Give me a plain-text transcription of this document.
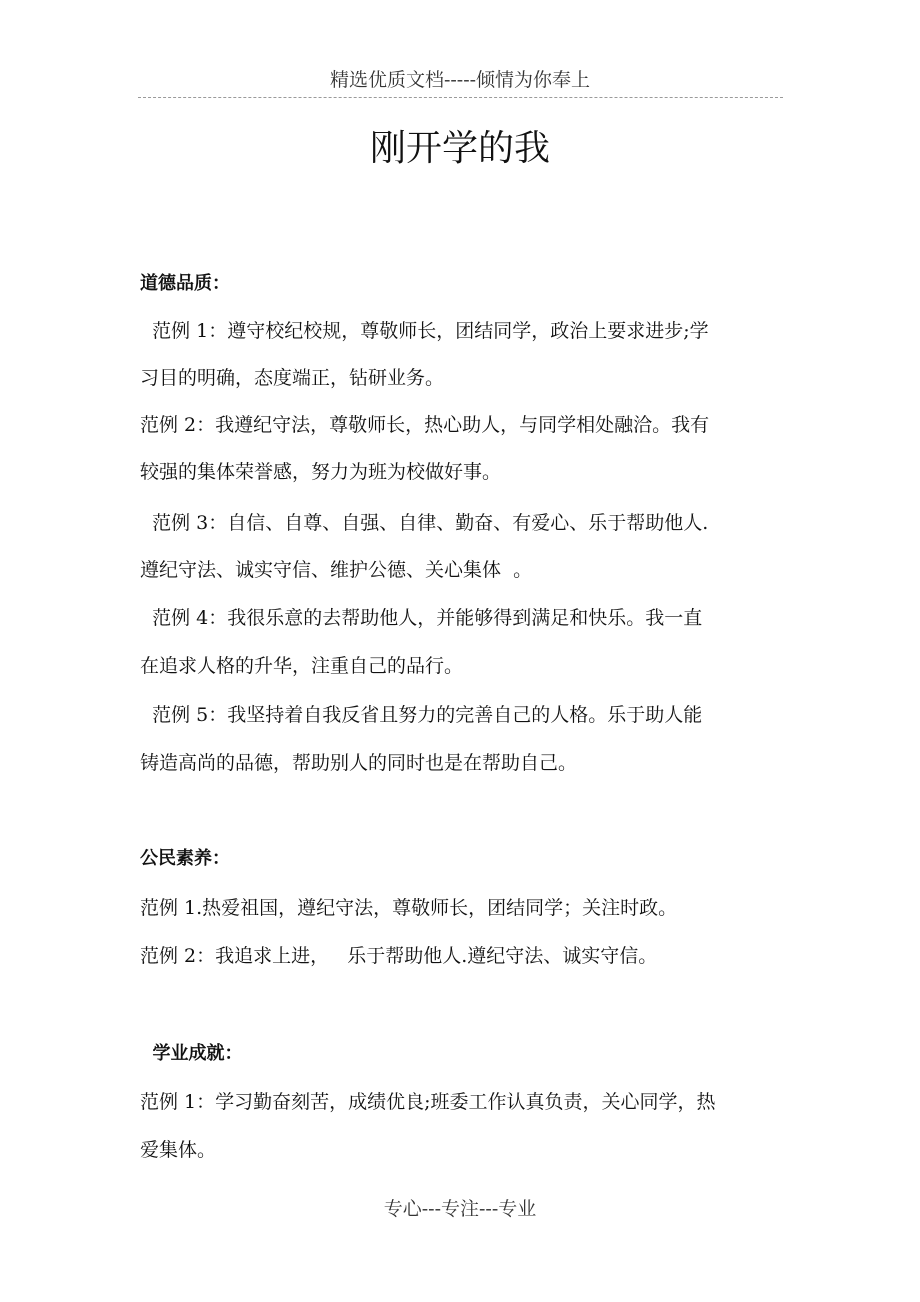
精选优质文档-----倾情为你奉上
刚开学的我
道德品质：
范例 1：遵守校纪校规，尊敬师长，团结同学，政治上要求进步;学
习目的明确，态度端正，钻研业务。
范例 2：我遵纪守法，尊敬师长，热心助人，与同学相处融洽。我有
较强的集体荣誉感，努力为班为校做好事。
范例 3：自信、自尊、自强、自律、勤奋、有爱心、乐于帮助他人.
遵纪守法、诚实守信、维护公德、关心集体  。
范例 4：我很乐意的去帮助他人，并能够得到满足和快乐。我一直
在追求人格的升华，注重自己的品行。
范例 5：我坚持着自我反省且努力的完善自己的人格。乐于助人能
铸造高尚的品德，帮助别人的同时也是在帮助自己。
公民素养：
范例 1.热爱祖国，遵纪守法，尊敬师长，团结同学；关注时政。
范例 2：我追求上进，   乐于帮助他人.遵纪守法、诚实守信。
学业成就：
范例 1：学习勤奋刻苦，成绩优良;班委工作认真负责，关心同学，热
爱集体。
专心---专注---专业
